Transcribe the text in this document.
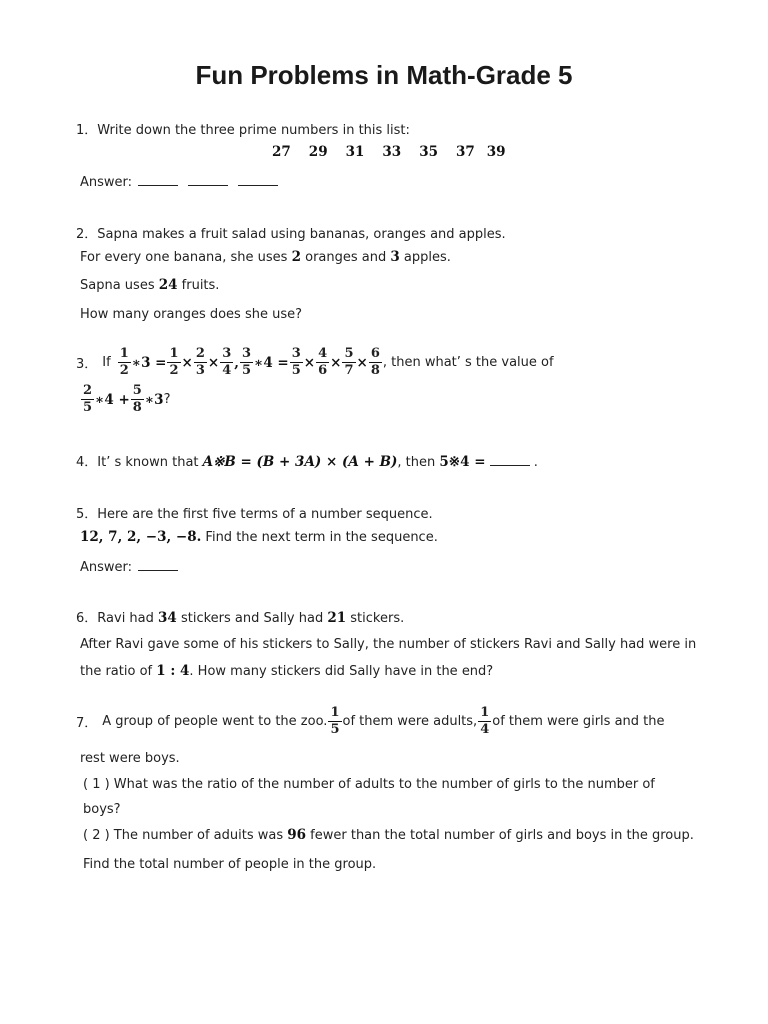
Fun Problems in Math-Grade 5
1．Write down the three prime numbers in this list:
27 29 31 33 35 37 39
Answer:
2．Sapna makes a fruit salad using bananas, oranges and apples.
For every one banana, she uses 2 oranges and 3 apples.
Sapna uses 24 fruits.
How many oranges does she use?
3． If $\frac{1}{2}$ ∗3 = $\frac{1}{2} \times \frac{2}{3} \times \frac{3}{4}$ , $\frac{3}{5}$ ∗4 = $\frac{3}{5} \times \frac{4}{6} \times \frac{5}{7} \times \frac{6}{8}$ , then what’ s the value of
$\frac{2}{5}$ ∗4 + $\frac{5}{8}$ ∗3 ?
4．It’ s known that A※B = (B + 3A) × (A + B), then 5※4 =	.
5．Here are the first five terms of a number sequence.
12, 7, 2, −3, −8. Find the next term in the sequence.
Answer:
6．Ravi had 34 stickers and Sally had 21 stickers.
After Ravi gave some of his stickers to Sally, the number of stickers Ravi and Sally had were in
the ratio of 1 : 4. How many stickers did Sally have in the end?
7． A group of people went to the zoo. $\frac{1}{5}$ of them were adults, $\frac{1}{4}$ of them were girls and the
rest were boys.
( 1 ) What was the ratio of the number of adults to the number of girls to the number of
boys?
( 2 ) The number of aduits was 96 fewer than the total number of girls and boys in the group.
Find the total number of people in the group.
